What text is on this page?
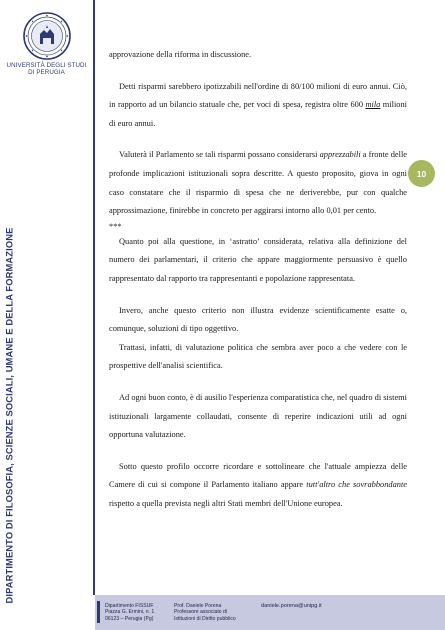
UNIVERSITÀ DEGLI STUDI
DI PERUGIA
DIPARTIMENTO DI FILOSOFIA, SCIENZE SOCIALI, UMANE E DELLA FORMAZIONE
10

approvazione della riforma in discussione.

Detti risparmi sarebbero ipotizzabili nell'ordine di 80/100 milioni di euro annui. Ciò, in rapporto ad un bilancio statuale che, per voci di spesa, registra oltre 600 mila milioni di euro annui.

Valuterà il Parlamento se tali risparmi possano considerarsi apprezzabili a fronte delle profonde implicazioni istituzionali sopra descritte. A questo proposito, giova in ogni caso constatare che il risparmio di spesa che ne deriverebbe, pur con qualche approssimazione, finirebbe in concreto per aggirarsi intorno allo 0,01 per cento.

***

Quanto poi alla questione, in ‘astratto’ considerata, relativa alla definizione del numero dei parlamentari, il criterio che appare maggiormente persuasivo è quello rappresentato dal rapporto tra rappresentanti e popolazione rappresentata.

Invero, anche questo criterio non illustra evidenze scientificamente esatte o, comunque, soluzioni di tipo oggettivo.

Trattasi, infatti, di valutazione politica che sembra aver poco a che vedere con le prospettive dell'analisi scientifica.

Ad ogni buon conto, è di ausilio l'esperienza comparatistica che, nel quadro di sistemi istituzionali largamente collaudati, consente di reperire indicazioni utili ad ogni opportuna valutazione.

Sotto questo profilo occorre ricordare e sottolineare che l'attuale ampiezza delle Camere di cui si compone il Parlamento italiano appare tutt'altro che sovrabbondante rispetto a quella prevista negli altri Stati membri dell'Unione europea.

Dipartimento FISSUF
Piazza G. Ermini, n. 1
06123 – Perugia (Pg)
Prof. Daniele Porena
Professore associato di
Istituzioni di Diritto pubblico
daniele.porena@unipg.it
